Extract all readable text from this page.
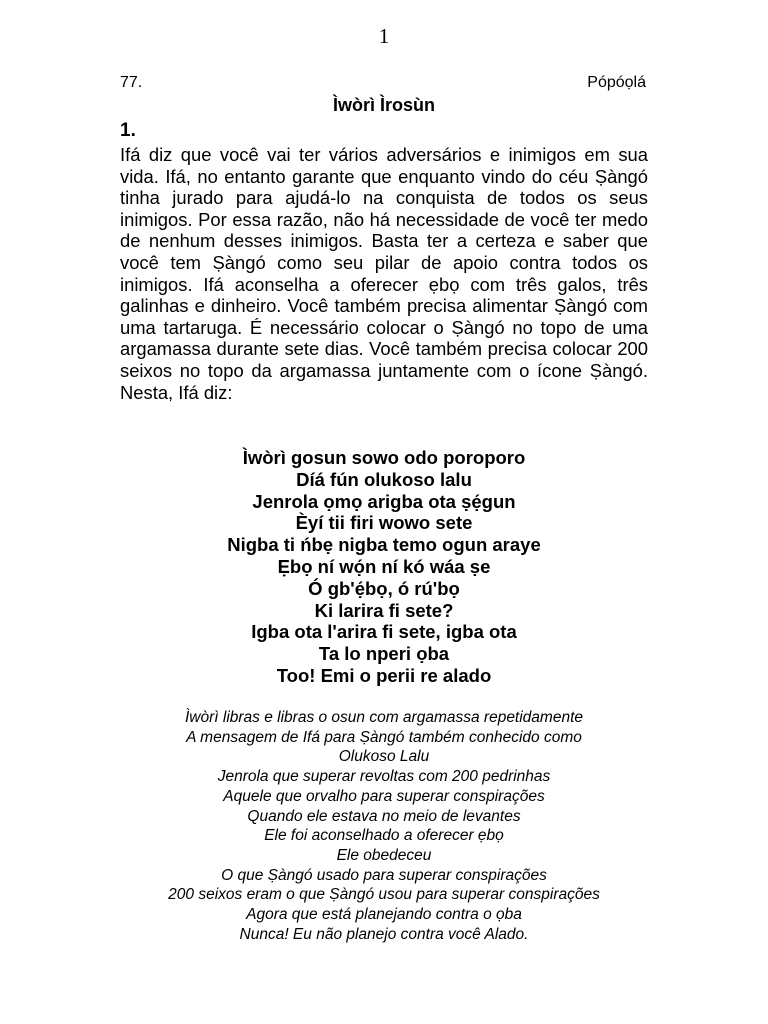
1
77.	Pópóọlá
Ìwòrì Ìrosùn
1.

Ifá diz que você vai ter vários adversários e inimigos em sua vida. Ifá, no entanto garante que enquanto vindo do céu Ṣàngó tinha jurado para ajudá-lo na conquista de todos os seus inimigos. Por essa razão, não há necessidade de você ter medo de nenhum desses inimigos. Basta ter a certeza e saber que você tem Ṣàngó como seu pilar de apoio contra todos os inimigos. Ifá aconselha a oferecer ẹbọ com três galos, três galinhas e dinheiro. Você também precisa alimentar Ṣàngó com uma tartaruga. É necessário colocar o Ṣàngó no topo de uma argamassa durante sete dias. Você também precisa colocar 200 seixos no topo da argamassa juntamente com o ícone Ṣàngó. Nesta, Ifá diz:

Ìwòrì gosun sowo odo poroporo
Díá fún olukoso lalu
Jenrola ọmọ arigba ota ṣẹ́gun
Èyí tii firi wowo sete
Nigba ti ńbẹ nigba temo ogun araye
Ẹbọ ní wọ́n ní kó wáa ṣe
Ó gb'ẹ́bọ, ó rú'bọ
Ki larira fi sete?
Igba ota l'arira fi sete, igba ota
Ta lo nperi ọba
Too! Emi o perii re alado
Ìwòrì libras e libras o osun com argamassa repetidamente
A mensagem de Ifá para Ṣàngó também conhecido como
Olukoso Lalu
Jenrola que superar revoltas com 200 pedrinhas
Aquele que orvalho para superar conspirações
Quando ele estava no meio de levantes
Ele foi aconselhado a oferecer ẹbọ
Ele obedeceu
O que Ṣàngó usado para superar conspirações
200 seixos eram o que Ṣàngó usou para superar conspirações
Agora que está planejando contra o ọba
Nunca! Eu não planejo contra você Alado.
